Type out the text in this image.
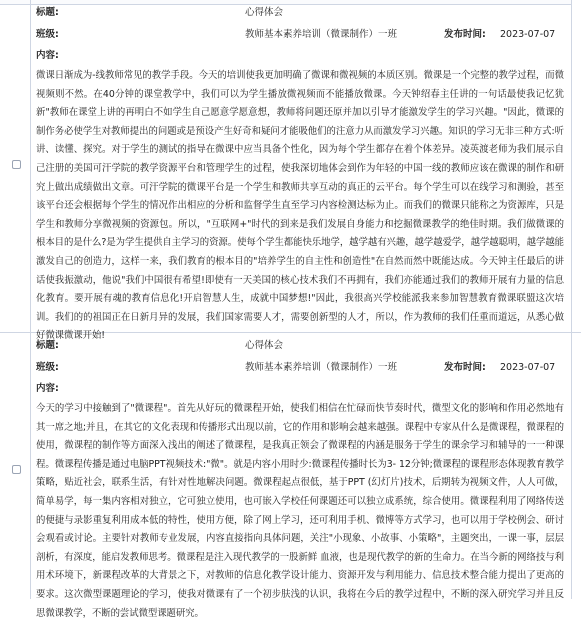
标题:	心得体会
班级:	教师基本素养培训（微课制作）一班	发布时间: 2023-07-07
内容:
微课日渐成为-线教师常见的教学手段。今天的培训使我更加明确了微课和微视频的本质区别。微课是一个完整的教学过程，而微视频则不然。在40分钟的课堂教学中，我们可以为学生播放微视频而不能播放微课。今天钟绍春主任讲的一句话最使我记忆犹新"教师在课堂上讲的再明白不如学生自己愿意学愿意想，教师将问题还原并加以引导才能激发学生的学习兴趣。"因此，微课的制作务必使学生对教师提出的问题或是预设产生好奇和疑问才能吸他们的注意力从而激发学习兴趣。知识的学习无非三种方式:听讲、读懂、探究。对于学生的测试的指导在微课中应当具备个性化，因为每个学生都存在着个体差异。凌英渡老师为我们展示自己注册的美国可汗学院的教学资源平台和管理学生的过程，使我深切地体会到作为年轻的中国一线的教师应该在微课的制作和研究上做出成绩做出文章。可汗学院的微课平台是一个学生和教师共享互动的真正的云平台。每个学生可以在线学习和测验，甚至该平台还会根据每个学生的情况作出相应的分析和监督学生直至学习内容检测达标为止。而我们的微课只能称之为资源库，只是学生和教师分享微视频的资源包。所以，"互联网+"时代的到来是我们发展自身能力和挖掘微课教学的绝佳时期。我们做微课的根本目的是什么?是为学生提供自主学习的资源。使每个学生都能快乐地学，越学越有兴趣，越学越爱学，越学越聪明，越学越能激发自己的创造力，这样一来，我们教育的根本目的"培养学生的自主性和创造性"在自然而然中既能达成。今天钟主任最后的讲话使我振激动，他说"我们中国很有希望!即使有一天美国的核心技术我们不再拥有，我们亦能通过我们的教师开展有力量的信息化教育。要开展有魂的教育信息化!开启智慧人生，成就中国梦想!"因此，我很高兴学校能派我来参加智慧教育微课联盟这次培训。我们的的祖国正在日新月异的发展，我们国家需要人才，需要创新型的人才，所以，作为教师的我们任重而道远，从悉心做好微课微课开始!
标题:	心得体会
班级:	教师基本素养培训（微课制作）一班	发布时间: 2023-07-07
内容:
今天的学习中接触到了"微课程"。首先从好玩的微课程开始，使我们相信在忙碌而快节奏时代，微型文化的影响和作用必然地有其一席之地;并且，在其它的文化表现和传播形式出现以前，它的作用和影响会越来越强。课程中专家从什么是微课程，微课程的使用，微课程的制作等方面深入浅出的阐述了微课程，是我真正领会了微课程的内涵是服务于学生的课余学习和辅导的一一种课程。微课程传播是通过电脑PPT视频技术:"微"。就是内容小用时少:微课程传播时长为3- 12分钟;微课程的课程形态体现教育教学策略，贴近社会，联系生活，有针对性地解决问题。微课程起点很低，基于PPT (幻灯片)技术，后期转为视频文件，人人可做，简单易学，每一集内容相对独立，它可独立使用，也可嵌入学校任何课题还可以独立成系统，综合使用。微课程利用了网络传送的便捷与录影重复利用成本低的特性，使用方便，除了网上学习，还可利用手机、微博等方式学习，也可以用于学校例会、研讨会观看或讨论。主要针对教师专业发展，内容直接指向具体问题，关注"小现象、小故事、小策略"，主题突出，一课一事，层层剖析，有深度，能启发教师思考。微课程是注入现代教学的一股新鲜 血液，也是现代教学的新的生命力。在当今新的网络技与利用术环境下，新课程改革的大背景之下，对教师的信息化教学设计能力、资源开发与利用能力、信息技术整合能力提出了更高的要求。这次微型课题理论的学习，使我对微课有了一个初步肤浅的认识，我将在今后的教学过程中，不断的深入研究学习并且反思微课教学，不断的尝试微型课题研究。
